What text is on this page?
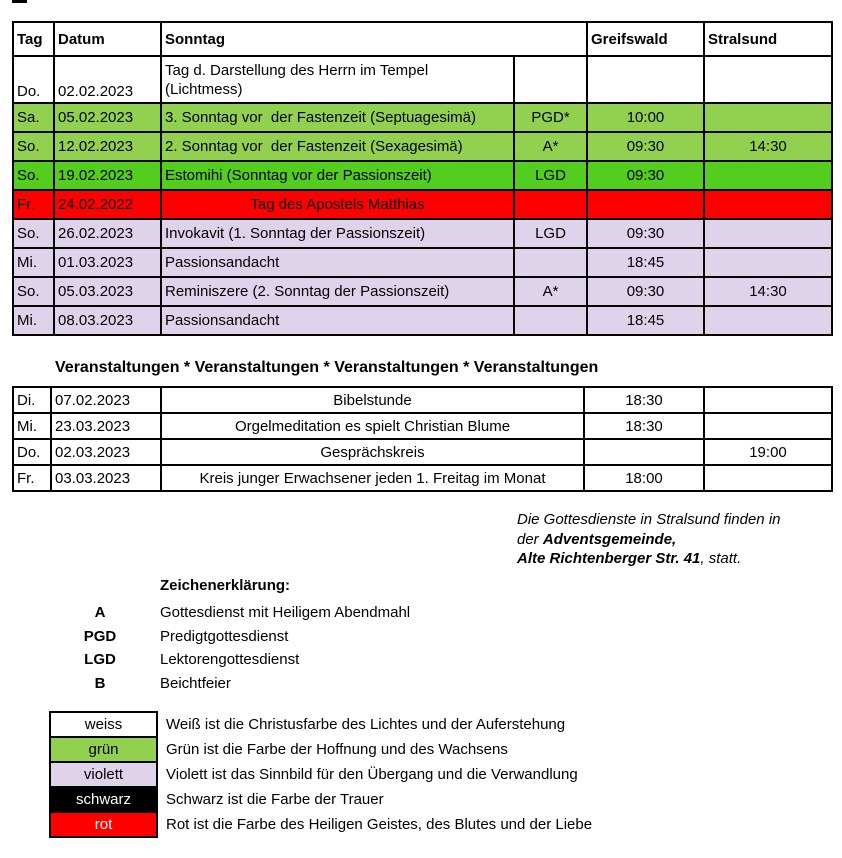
Tag	Datum	Sonntag		Greifswald	Stralsund
Do.	02.02.2023	Tag d. Darstellung des Herrn im Tempel
(Lichtmess)			
Sa.	05.02.2023	3. Sonntag vor  der Fastenzeit (Septuagesimä)	PGD*	10:00	
So.	12.02.2023	2. Sonntag vor  der Fastenzeit (Sexagesimä)	A*	09:30	14:30
So.	19.02.2023	Estomihi (Sonntag vor der Passionszeit)	LGD	09:30	
Fr.	24.02.2022	Tag des Apostels Matthias			
So.	26.02.2023	Invokavit (1. Sonntag der Passionszeit)	LGD	09:30	
Mi.	01.03.2023	Passionsandacht		18:45	
So.	05.03.2023	Reminiszere (2. Sonntag der Passionszeit)	A*	09:30	14:30
Mi.	08.03.2023	Passionsandacht		18:45	
Veranstaltungen * Veranstaltungen * Veranstaltungen * Veranstaltungen
Di.	07.02.2023	Bibelstunde	18:30	
Mi.	23.03.2023	Orgelmeditation es spielt Christian Blume	18:30	
Do.	02.03.2023	Gesprächskreis		19:00
Fr.	03.03.2023	Kreis junger Erwachsener jeden 1. Freitag im Monat	18:00	
Die Gottesdienste in Stralsund finden in
der Adventsgemeinde,
Alte Richtenberger Str. 41, statt.
Zeichenerklärung:
A	Gottesdienst mit Heiligem Abendmahl
PGD	Predigtgottesdienst
LGD	Lektorengottesdienst
B	Beichtfeier
weiss	Weiß ist die Christusfarbe des Lichtes und der Auferstehung
grün	Grün ist die Farbe der Hoffnung und des Wachsens
violett	Violett ist das Sinnbild für den Übergang und die Verwandlung
schwarz	Schwarz ist die Farbe der Trauer
rot	Rot ist die Farbe des Heiligen Geistes, des Blutes und der Liebe
